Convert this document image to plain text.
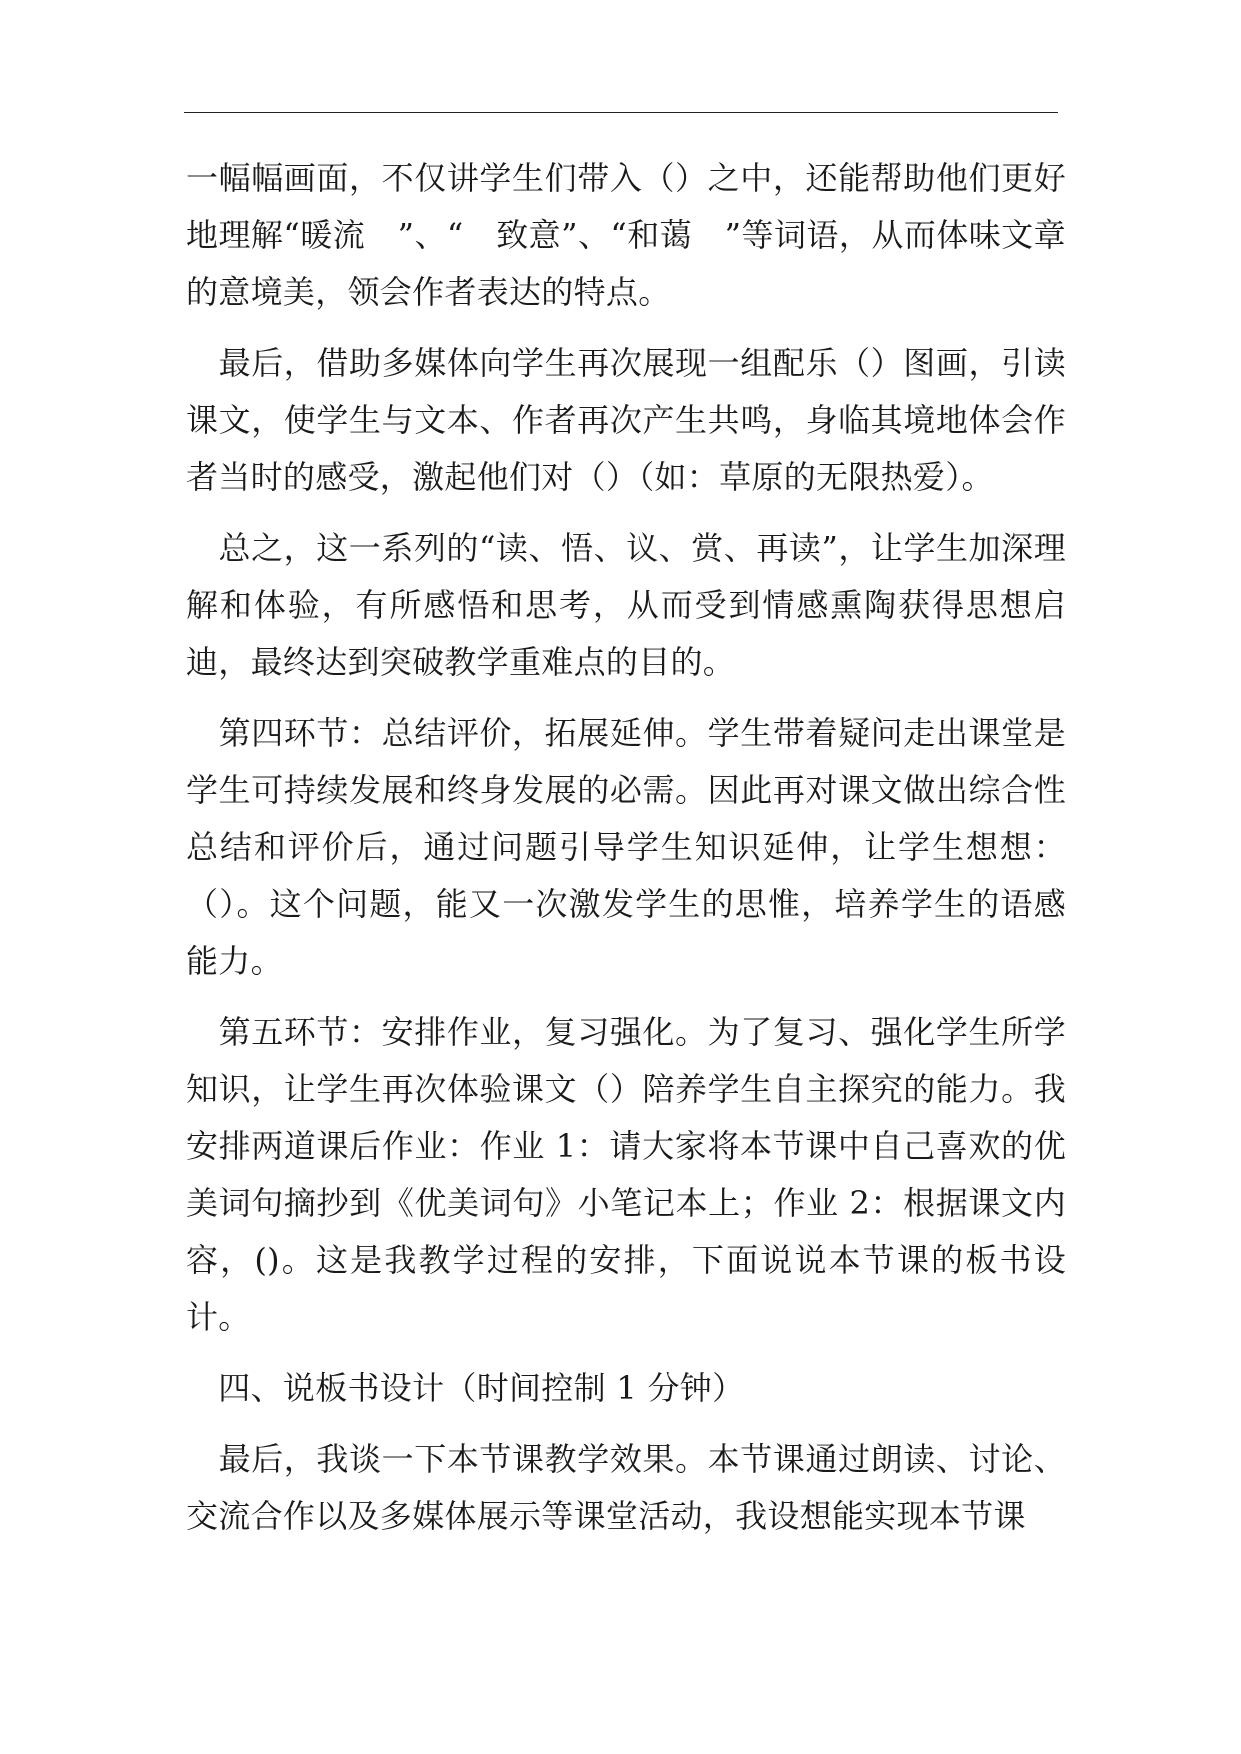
一幅幅画面，不仅讲学生们带入（）之中，还能帮助他们更好地理解“暖流　”、“　致意”、“和蔼　”等词语，从而体味文章的意境美，领会作者表达的特点。

　最后，借助多媒体向学生再次展现一组配乐（）图画，引读课文，使学生与文本、作者再次产生共鸣，身临其境地体会作者当时的感受，激起他们对（）（如：草原的无限热爱）。

　总之，这一系列的“读、悟、议、赏、再读”，让学生加深理解和体验，有所感悟和思考，从而受到情感熏陶获得思想启迪，最终达到突破教学重难点的目的。

　第四环节：总结评价，拓展延伸。学生带着疑问走出课堂是学生可持续发展和终身发展的必需。因此再对课文做出综合性总结和评价后，通过问题引导学生知识延伸，让学生想想：（）。这个问题，能又一次激发学生的思惟，培养学生的语感能力。

　第五环节：安排作业，复习强化。为了复习、强化学生所学知识，让学生再次体验课文（）陪养学生自主探究的能力。我安排两道课后作业：作业 1：请大家将本节课中自己喜欢的优美词句摘抄到《优美词句》小笔记本上；作业 2：根据课文内容，()。这是我教学过程的安排，下面说说本节课的板书设计。

　四、说板书设计（时间控制 1 分钟）

　最后，我谈一下本节课教学效果。本节课通过朗读、讨论、交流合作以及多媒体展示等课堂活动，我设想能实现本节课
